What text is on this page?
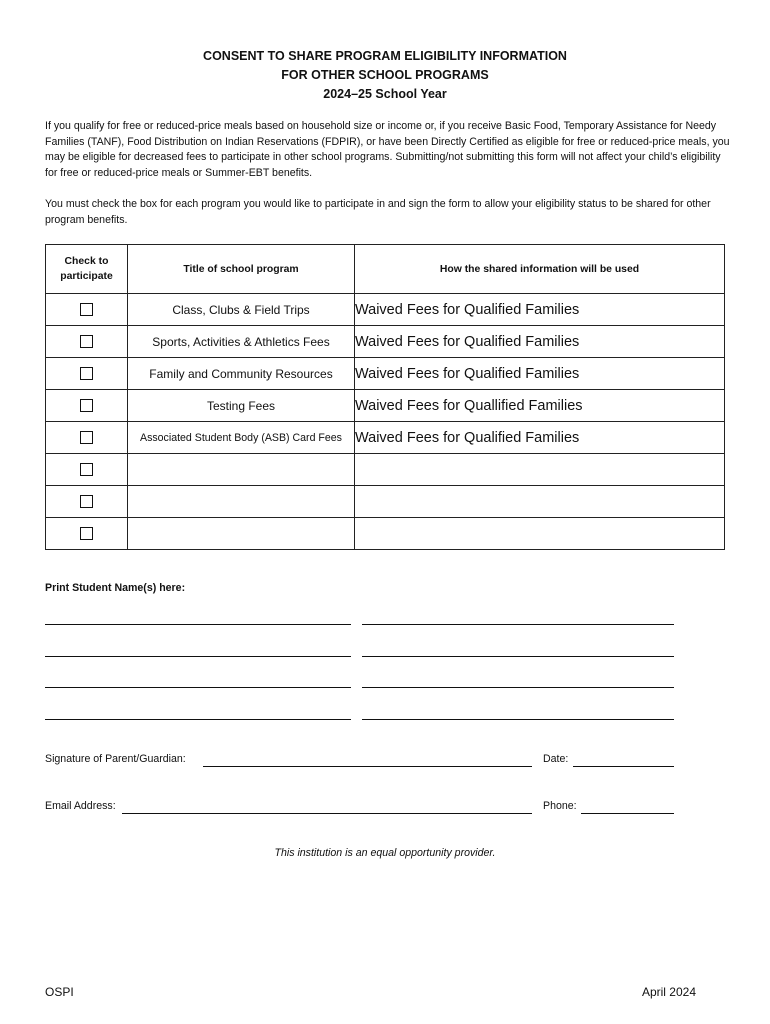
CONSENT TO SHARE PROGRAM ELIGIBILITY INFORMATION
FOR OTHER SCHOOL PROGRAMS
2024–25 School Year

If you qualify for free or reduced-price meals based on household size or income or, if you receive Basic Food, Temporary Assistance for Needy Families (TANF), Food Distribution on Indian Reservations (FDPIR), or have been Directly Certified as eligible for free or reduced-price meals, you may be eligible for decreased fees to participate in other school programs. Submitting/not submitting this form will not affect your child’s eligibility for free or reduced-price meals or Summer-EBT benefits.

You must check the box for each program you would like to participate in and sign the form to allow your eligibility status to be shared for other program benefits.

Check to participate	Title of school program	How the shared information will be used
	Class, Clubs & Field Trips	Waived Fees for Qualified Families
	Sports, Activities & Athletics Fees	Waived Fees for Qualified Families
	Family and Community Resources	Waived Fees for Qualified Families
	Testing Fees	Waived Fees for Quallified Families
	Associated Student Body (ASB) Card Fees	Waived Fees for Qualified Families

Print Student Name(s) here:
Signature of Parent/Guardian:	Date:
Email Address:	Phone:
This institution is an equal opportunity provider.
OSPI	April 2024
